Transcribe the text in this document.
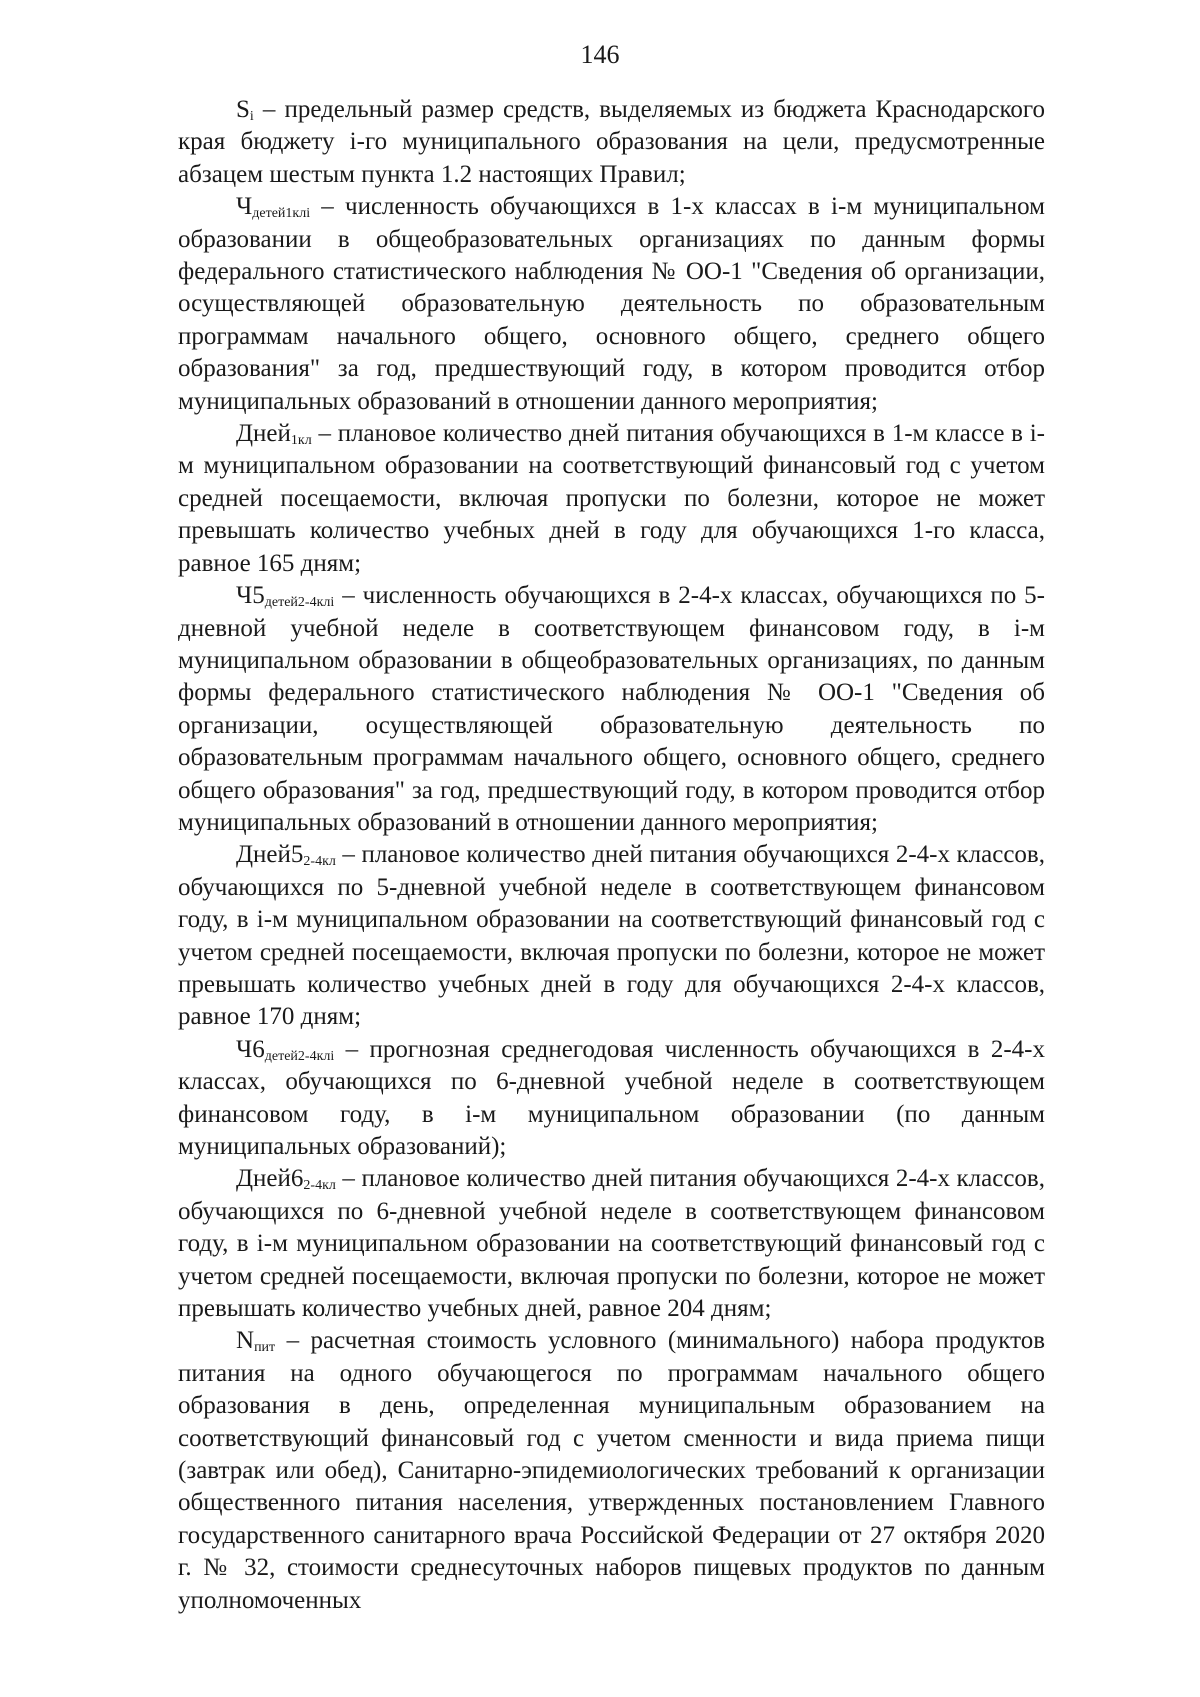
146

$S_i$ – предельный размер средств, выделяемых из бюджета Краснодарского края бюджету i-го муниципального образования на цели, предусмотренные абзацем шестым пункта 1.2 настоящих Правил;

$Ч_{детей1клi}$ – численность обучающихся в 1-х классах в i-м муниципальном образовании в общеобразовательных организациях по данным формы федерального статистического наблюдения № ОО-1 "Сведения об организации, осуществляющей образовательную деятельность по образовательным программам начального общего, основного общего, среднего общего образования" за год, предшествующий году, в котором проводится отбор муниципальных образований в отношении данного мероприятия;

Дней$_{1кл}$ – плановое количество дней питания обучающихся в 1-м классе в i-м муниципальном образовании на соответствующий финансовый год с учетом средней посещаемости, включая пропуски по болезни, которое не может превышать количество учебных дней в году для обучающихся 1-го класса, равное 165 дням;

$Ч5_{детей2-4клi}$ – численность обучающихся в 2-4-х классах, обучающихся по 5-дневной учебной неделе в соответствующем финансовом году, в i-м муниципальном образовании в общеобразовательных организациях, по данным формы федерального статистического наблюдения № ОО-1 "Сведения об организации, осуществляющей образовательную деятельность по образовательным программам начального общего, основного общего, среднего общего образования" за год, предшествующий году, в котором проводится отбор муниципальных образований в отношении данного мероприятия;

$Дней5_{2-4кл}$ – плановое количество дней питания обучающихся 2-4-х классов, обучающихся по 5-дневной учебной неделе в соответствующем финансовом году, в i-м муниципальном образовании на соответствующий финансовый год с учетом средней посещаемости, включая пропуски по болезни, которое не может превышать количество учебных дней в году для обучающихся 2-4-х классов, равное 170 дням;

$Ч6_{детей2-4клi}$ – прогнозная среднегодовая численность обучающихся в 2-4-х классах, обучающихся по 6-дневной учебной неделе в соответствующем финансовом году, в i-м муниципальном образовании (по данным муниципальных образований);

$Дней6_{2-4кл}$ – плановое количество дней питания обучающихся 2-4-х классов, обучающихся по 6-дневной учебной неделе в соответствующем финансовом году, в i-м муниципальном образовании на соответствующий финансовый год с учетом средней посещаемости, включая пропуски по болезни, которое не может превышать количество учебных дней, равное 204 дням;

$N_{пит}$ – расчетная стоимость условного (минимального) набора продуктов питания на одного обучающегося по программам начального общего образования в день, определенная муниципальным образованием на соответствующий финансовый год с учетом сменности и вида приема пищи (завтрак или обед), Санитарно-эпидемиологических требований к организации общественного питания населения, утвержденных постановлением Главного государственного санитарного врача Российской Федерации от 27 октября 2020 г. № 32, стоимости среднесуточных наборов пищевых продуктов по данным уполномоченных
